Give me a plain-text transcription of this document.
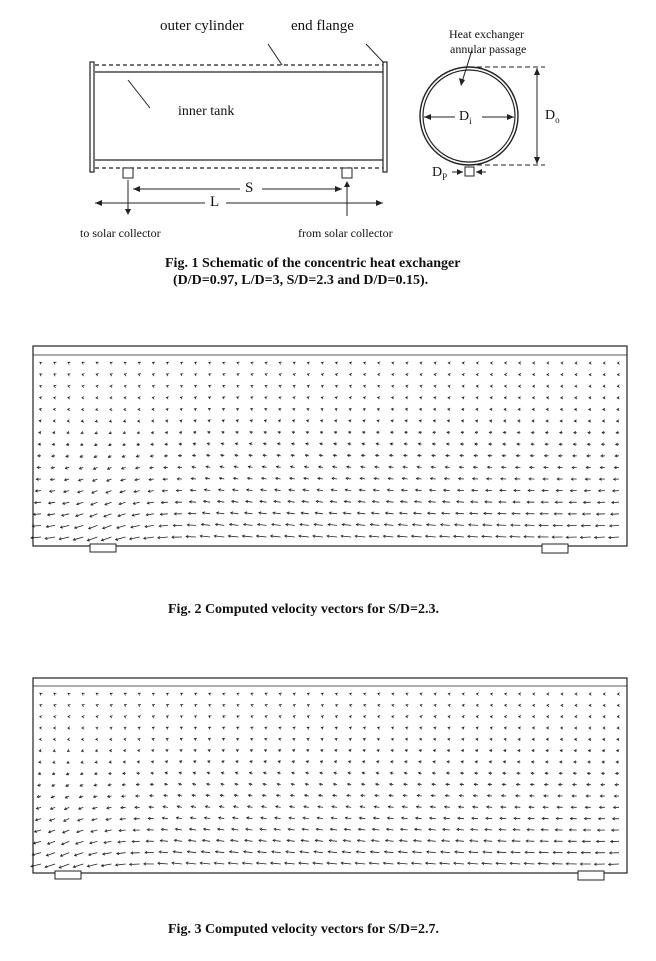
outer cylinder	end flange
inner tank
Heat exchanger
annular passage
S
L
$D_i$	$D_o$
$D_P$
to solar collector	from solar collector
Fig. 1 Schematic of the concentric heat exchanger
(D/D=0.97, L/D=3, S/D=2.3 and D/D=0.15).
Fig. 2 Computed velocity vectors for S/D=2.3.
Fig. 3 Computed velocity vectors for S/D=2.7.
